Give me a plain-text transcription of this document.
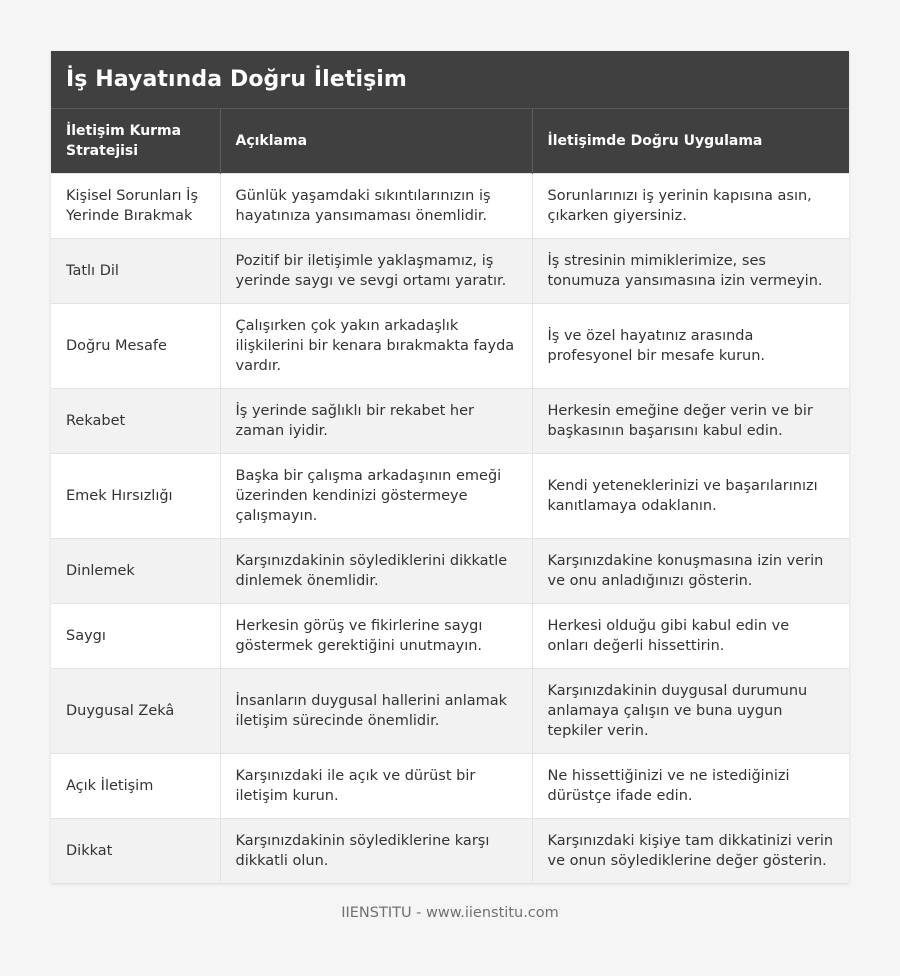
İş Hayatında Doğru İletişim
İletişim Kurma Stratejisi	Açıklama	İletişimde Doğru Uygulama
Kişisel Sorunları İş Yerinde Bırakmak	Günlük yaşamdaki sıkıntılarınızın iş hayatınıza yansımaması önemlidir.	Sorunlarınızı iş yerinin kapısına asın, çıkarken giyersiniz.
Tatlı Dil	Pozitif bir iletişimle yaklaşmamız, iş yerinde saygı ve sevgi ortamı yaratır.	İş stresinin mimiklerimize, ses tonumuza yansımasına izin vermeyin.
Doğru Mesafe	Çalışırken çok yakın arkadaşlık ilişkilerini bir kenara bırakmakta fayda vardır.	İş ve özel hayatınız arasında profesyonel bir mesafe kurun.
Rekabet	İş yerinde sağlıklı bir rekabet her zaman iyidir.	Herkesin emeğine değer verin ve bir başkasının başarısını kabul edin.
Emek Hırsızlığı	Başka bir çalışma arkadaşının emeği üzerinden kendinizi göstermeye çalışmayın.	Kendi yeteneklerinizi ve başarılarınızı kanıtlamaya odaklanın.
Dinlemek	Karşınızdakinin söylediklerini dikkatle dinlemek önemlidir.	Karşınızdakine konuşmasına izin verin ve onu anladığınızı gösterin.
Saygı	Herkesin görüş ve fikirlerine saygı göstermek gerektiğini unutmayın.	Herkesi olduğu gibi kabul edin ve onları değerli hissettirin.
Duygusal Zekâ	İnsanların duygusal hallerini anlamak iletişim sürecinde önemlidir.	Karşınızdakinin duygusal durumunu anlamaya çalışın ve buna uygun tepkiler verin.
Açık İletişim	Karşınızdaki ile açık ve dürüst bir iletişim kurun.	Ne hissettiğinizi ve ne istediğinizi dürüstçe ifade edin.
Dikkat	Karşınızdakinin söylediklerine karşı dikkatli olun.	Karşınızdaki kişiye tam dikkatinizi verin ve onun söylediklerine değer gösterin.
IIENSTITU - www.iienstitu.com
